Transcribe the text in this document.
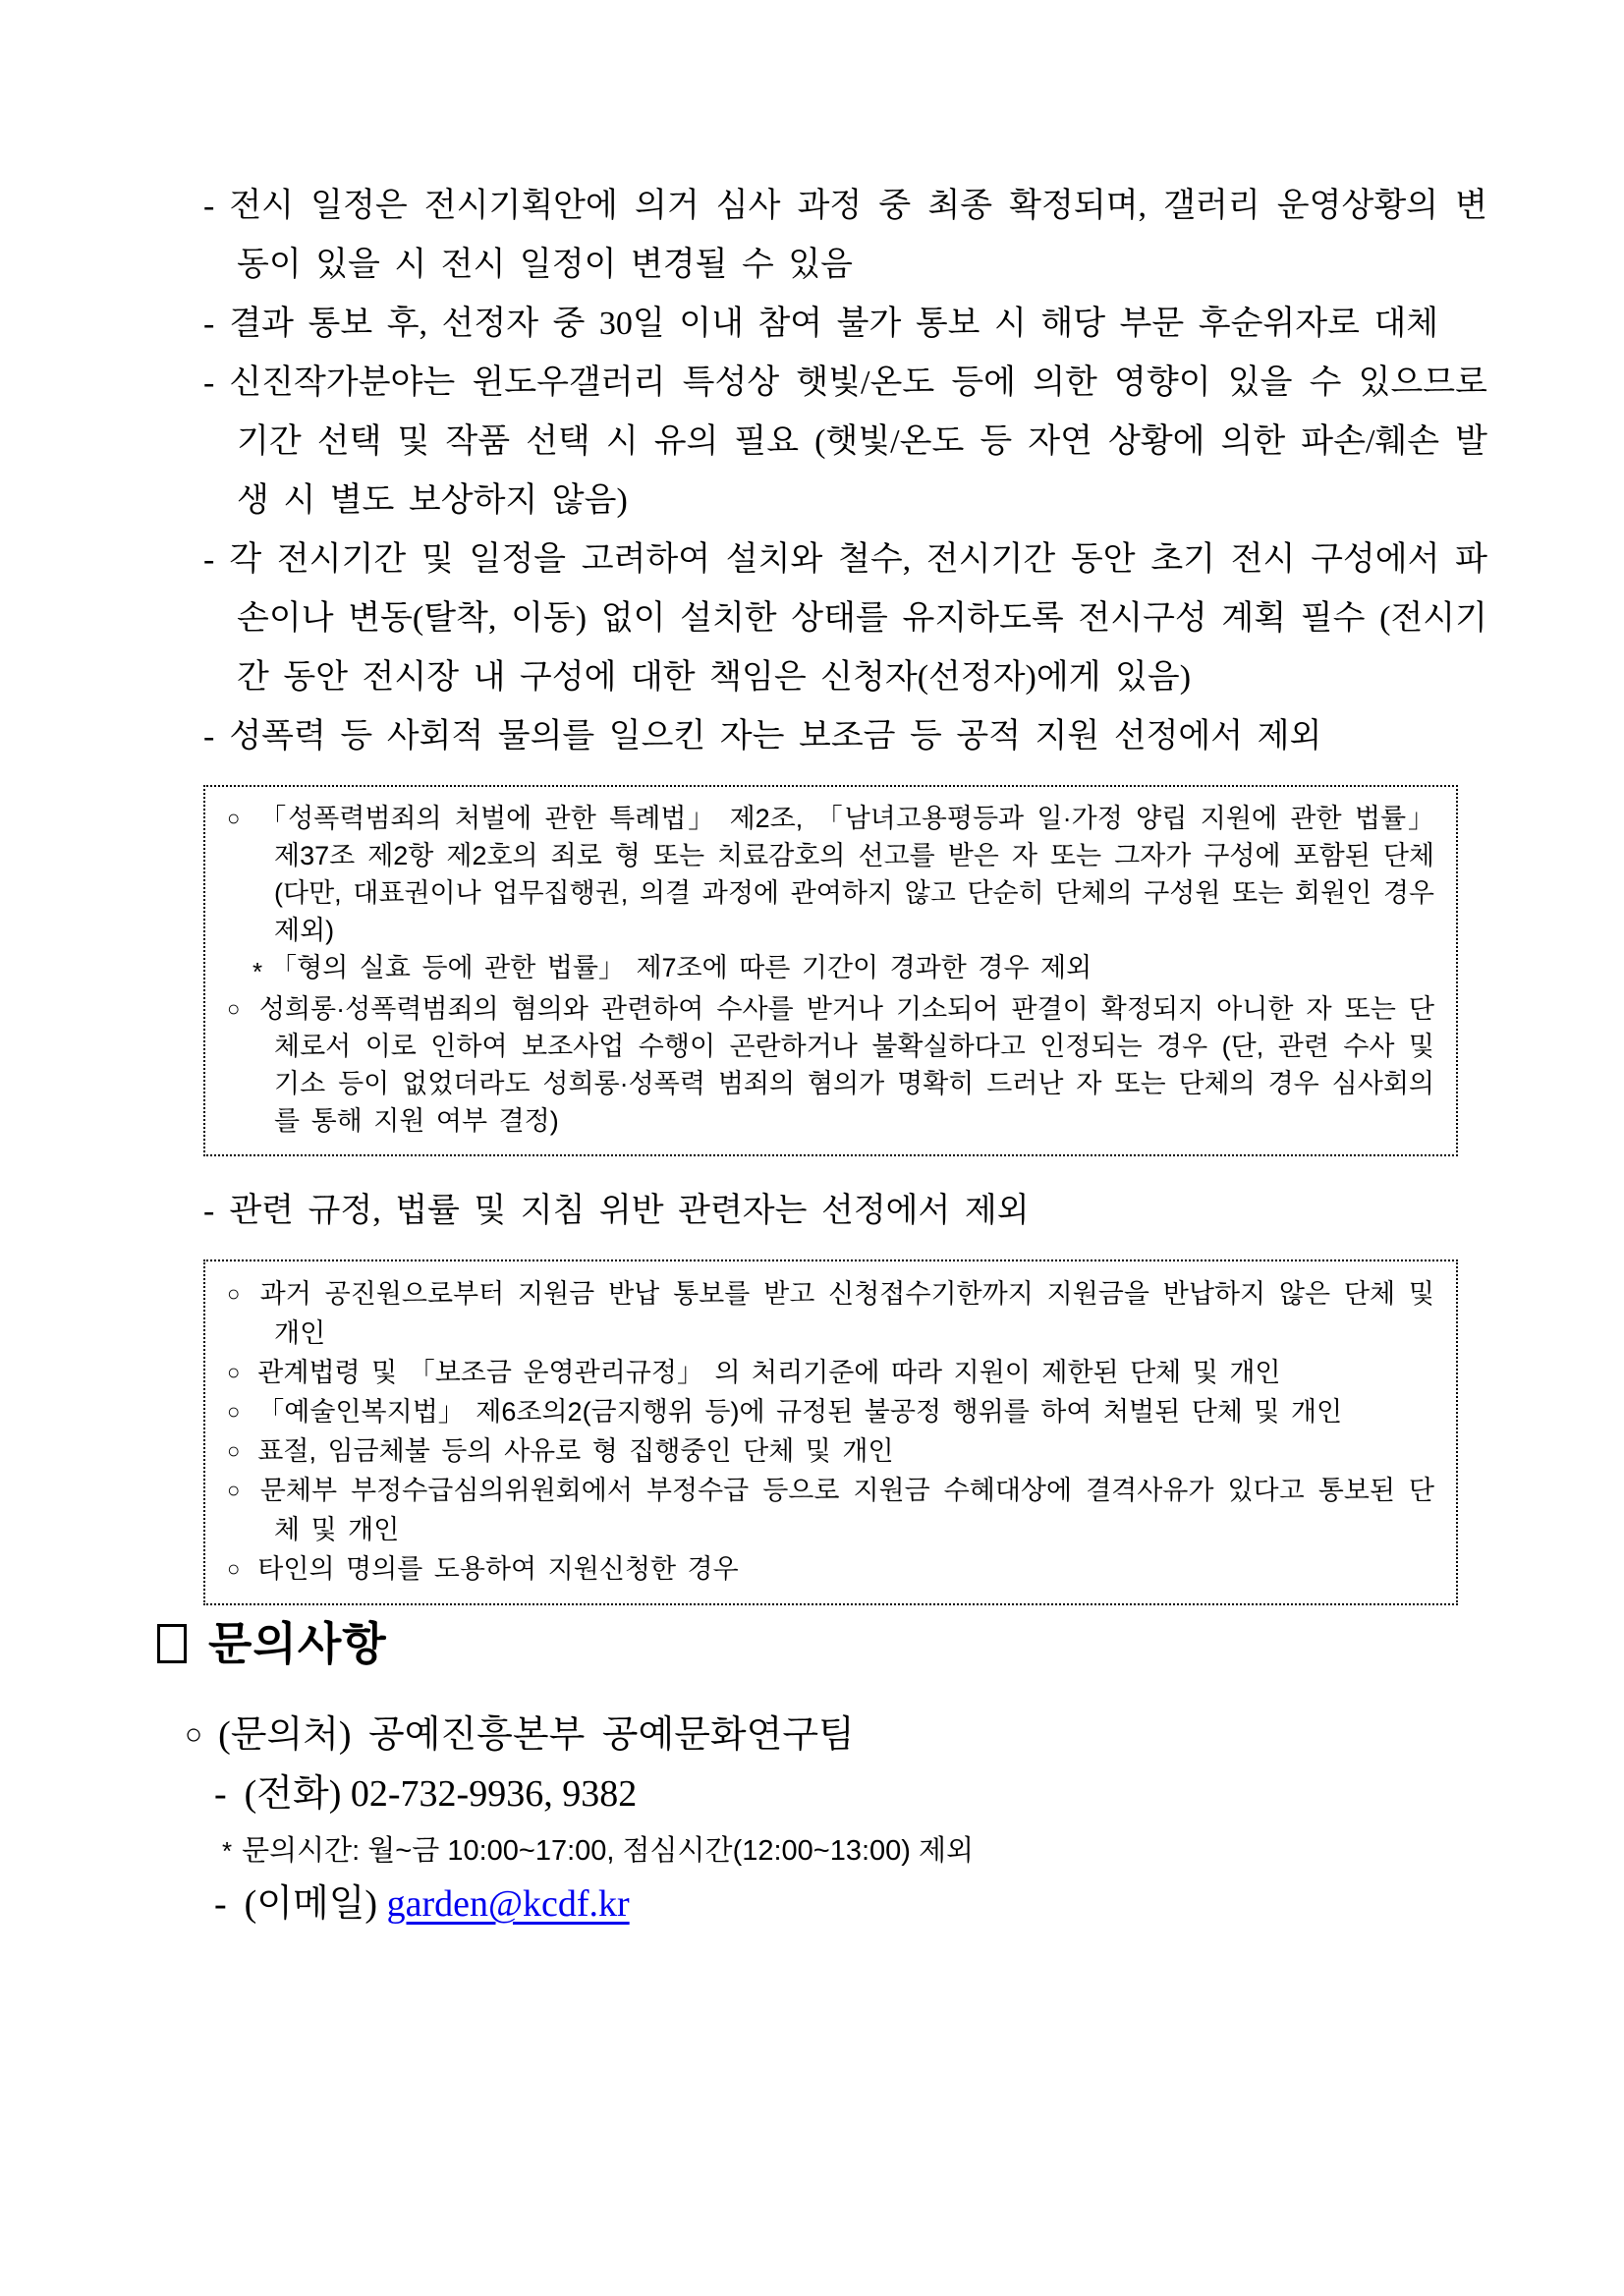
- 전시 일정은 전시기획안에 의거 심사 과정 중 최종 확정되며, 갤러리 운영상황의 변동이 있을 시 전시 일정이 변경될 수 있음
- 결과 통보 후, 선정자 중 30일 이내 참여 불가 통보 시 해당 부문 후순위자로 대체
- 신진작가분야는 윈도우갤러리 특성상 햇빛/온도 등에 의한 영향이 있을 수 있으므로 기간 선택 및 작품 선택 시 유의 필요 (햇빛/온도 등 자연 상황에 의한 파손/훼손 발생 시 별도 보상하지 않음)
- 각 전시기간 및 일정을 고려하여 설치와 철수, 전시기간 동안 초기 전시 구성에서 파손이나 변동(탈착, 이동) 없이 설치한 상태를 유지하도록 전시구성 계획 필수 (전시기간 동안 전시장 내 구성에 대한 책임은 신청자(선정자)에게 있음)
- 성폭력 등 사회적 물의를 일으킨 자는 보조금 등 공적 지원 선정에서 제외
○ 「성폭력범죄의 처벌에 관한 특례법」 제2조, 「남녀고용평등과 일·가정 양립 지원에 관한 법률」 제37조 제2항 제2호의 죄로 형 또는 치료감호의 선고를 받은 자 또는 그자가 구성에 포함된 단체(다만, 대표권이나 업무집행권, 의결 과정에 관여하지 않고 단순히 단체의 구성원 또는 회원인 경우 제외)
* 「형의 실효 등에 관한 법률」 제7조에 따른 기간이 경과한 경우 제외
○ 성희롱·성폭력범죄의 혐의와 관련하여 수사를 받거나 기소되어 판결이 확정되지 아니한 자 또는 단체로서 이로 인하여 보조사업 수행이 곤란하거나 불확실하다고 인정되는 경우 (단, 관련 수사 및 기소 등이 없었더라도 성희롱·성폭력 범죄의 혐의가 명확히 드러난 자 또는 단체의 경우 심사회의를 통해 지원 여부 결정)
- 관련 규정, 법률 및 지침 위반 관련자는 선정에서 제외
○ 과거 공진원으로부터 지원금 반납 통보를 받고 신청접수기한까지 지원금을 반납하지 않은 단체 및 개인
○ 관계법령 및 「보조금 운영관리규정」 의 처리기준에 따라 지원이 제한된 단체 및 개인
○ 「예술인복지법」 제6조의2(금지행위 등)에 규정된 불공정 행위를 하여 처벌된 단체 및 개인
○ 표절, 임금체불 등의 사유로 형 집행중인 단체 및 개인
○ 문체부 부정수급심의위원회에서 부정수급 등으로 지원금 수혜대상에 결격사유가 있다고 통보된 단체 및 개인
○ 타인의 명의를 도용하여 지원신청한 경우
문의사항
○ (문의처) 공예진흥본부 공예문화연구팀
- (전화) 02-732-9936, 9382
* 문의시간: 월~금 10:00~17:00, 점심시간(12:00~13:00) 제외
- (이메일) garden@kcdf.kr
